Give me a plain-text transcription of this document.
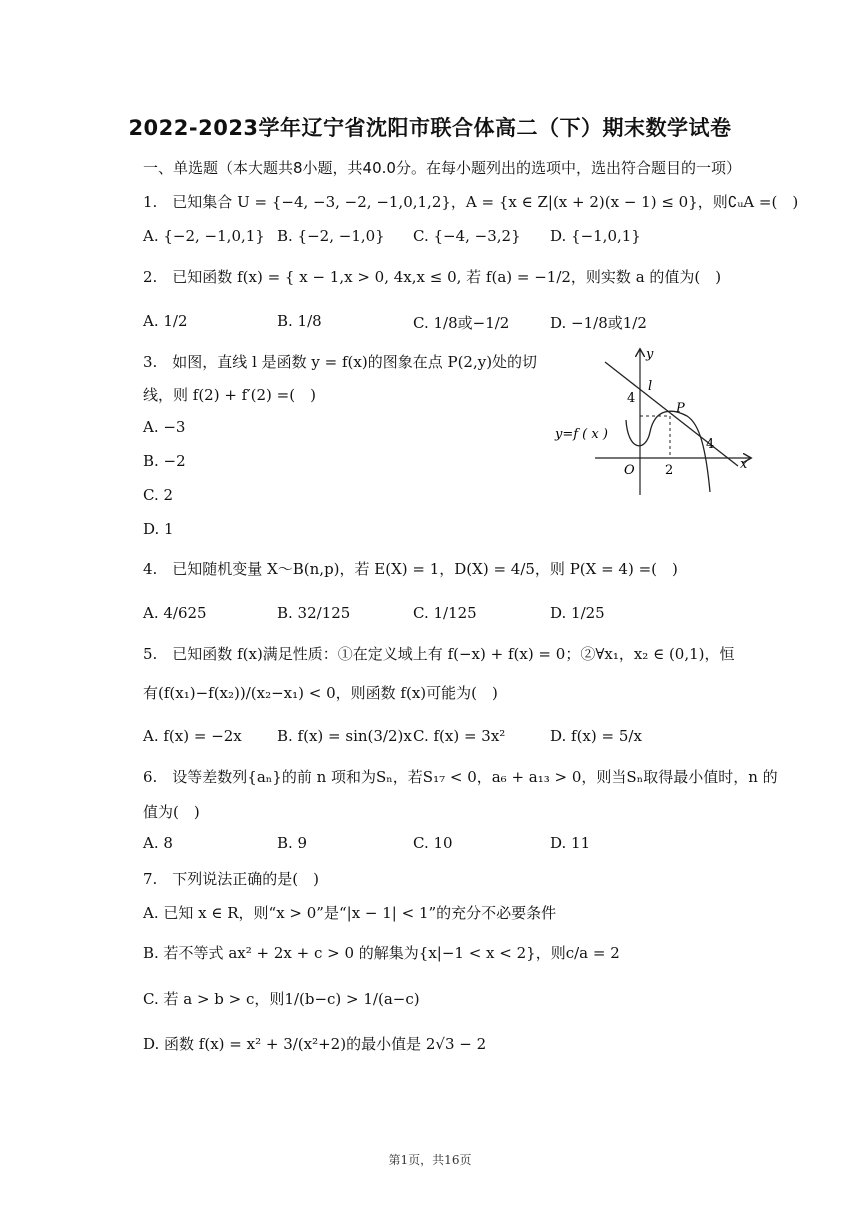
2022-2023学年辽宁省沈阳市联合体高二（下）期末数学试卷
一、单选题（本大题共8小题，共40.0分。在每小题列出的选项中，选出符合题目的一项）
1.　已知集合 U = {−4, −3, −2, −1,0,1,2}，A = {x ∈ Z|(x + 2)(x − 1) ≤ 0}，则∁ᵤA =(　)
A. {−2, −1,0,1} B. {−2, −1,0} C. {−4, −3,2} D. {−1,0,1}
2.　已知函数 f(x) = { x − 1,x > 0, 4x,x ≤ 0, 若 f(a) = −1/2，则实数 a 的值为(　)
A. 1/2	B. 1/8	C. 1/8或−1/2	D. −1/8或1/2
3.　如图，直线 l 是函数 y = f(x)的图象在点 P(2,y)处的切
线，则 f(2) + f′(2) =(　)
A. −3
B. −2
C. 2
D. 1
y
x
l
P
4
O 2
4
y=f ( x )
4.　已知随机变量 X～B(n,p)，若 E(X) = 1，D(X) = 4/5，则 P(X = 4) =(　)
A. 4/625	B. 32/125	C. 1/125	D. 1/25
5.　已知函数 f(x)满足性质：①在定义域上有 f(−x) + f(x) = 0；②∀x₁，x₂ ∈ (0,1)，恒
有(f(x₁)−f(x₂))/(x₂−x₁) < 0，则函数 f(x)可能为(　)
A. f(x) = −2x B. f(x) = sin(3/2)x C. f(x) = 3x²	D. f(x) = 5/x
6.　设等差数列{aₙ}的前 n 项和为Sₙ，若S₁₇ < 0，a₆ + a₁₃ > 0，则当Sₙ取得最小值时，n 的
值为(　)
A. 8	B. 9	C. 10	D. 11
7.　下列说法正确的是(　)
A. 已知 x ∈ R，则“x > 0”是“|x − 1| < 1”的充分不必要条件
B. 若不等式 ax² + 2x + c > 0 的解集为{x|−1 < x < 2}，则c/a = 2
C. 若 a > b > c，则1/(b−c) > 1/(a−c)
D. 函数 f(x) = x² + 3/(x²+2)的最小值是 2√3 − 2
第1页，共16页
